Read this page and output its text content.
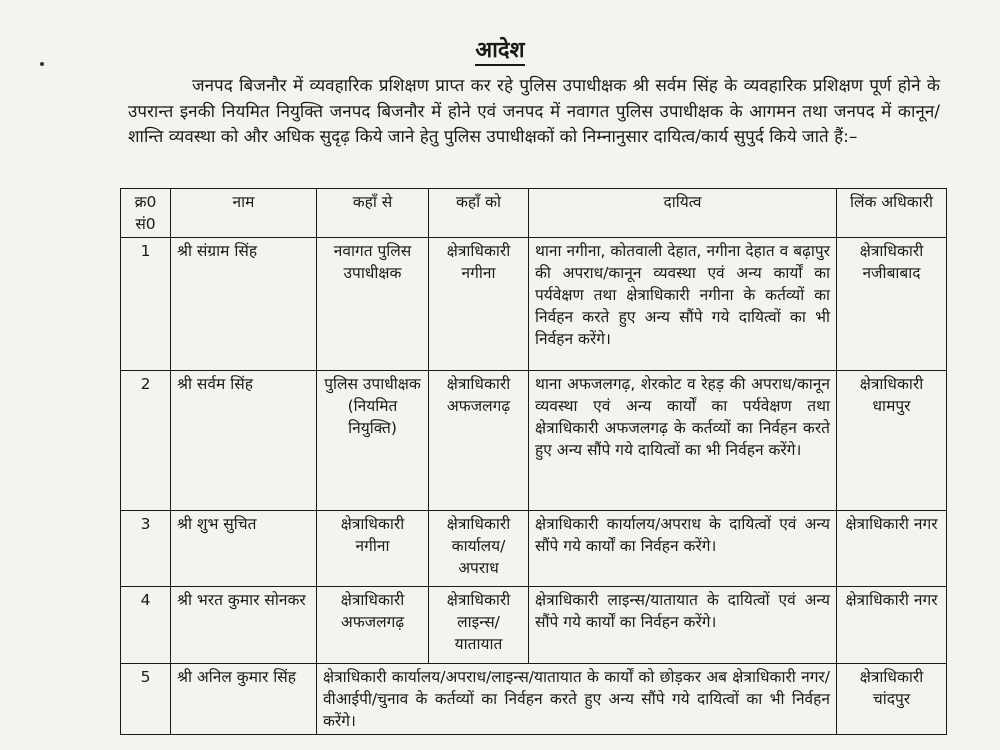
आदेश
जनपद बिजनौर में व्यवहारिक प्रशिक्षण प्राप्त कर रहे पुलिस उपाधीक्षक श्री सर्वम सिंह के व्यवहारिक प्रशिक्षण पूर्ण होने के उपरान्त इनकी नियमित नियुक्ति जनपद बिजनौर में होने एवं जनपद में नवागत पुलिस उपाधीक्षक के आगमन तथा जनपद में कानून/शान्ति व्यवस्था को और अधिक सुदृढ़ किये जाने हेतु पुलिस उपाधीक्षकों को निम्नानुसार दायित्व/कार्य सुपुर्द किये जाते हैं:–
क्र0 सं0	नाम	कहाँ से	कहाँ को	दायित्व	लिंक अधिकारी
1	श्री संग्राम सिंह	नवागत पुलिस उपाधीक्षक	क्षेत्राधिकारी नगीना	थाना नगीना, कोतवाली देहात, नगीना देहात व बढ़ापुर की अपराध/कानून व्यवस्था एवं अन्य कार्यों का पर्यवेक्षण तथा क्षेत्राधिकारी नगीना के कर्तव्यों का निर्वहन करते हुए अन्य सौंपे गये दायित्वों का भी निर्वहन करेंगे।	क्षेत्राधिकारी नजीबाबाद
2	श्री सर्वम सिंह	पुलिस उपाधीक्षक (नियमित नियुक्ति)	क्षेत्राधिकारी अफजलगढ़	थाना अफजलगढ़, शेरकोट व रेहड़ की अपराध/कानून व्यवस्था एवं अन्य कार्यों का पर्यवेक्षण तथा क्षेत्राधिकारी अफजलगढ़ के कर्तव्यों का निर्वहन करते हुए अन्य सौंपे गये दायित्वों का भी निर्वहन करेंगे।	क्षेत्राधिकारी धामपुर
3	श्री शुभ सुचित	क्षेत्राधिकारी नगीना	क्षेत्राधिकारी कार्यालय/ अपराध	क्षेत्राधिकारी कार्यालय/अपराध के दायित्वों एवं अन्य सौंपे गये कार्यों का निर्वहन करेंगे।	क्षेत्राधिकारी नगर
4	श्री भरत कुमार सोनकर	क्षेत्राधिकारी अफजलगढ़	क्षेत्राधिकारी लाइन्स/ यातायात	क्षेत्राधिकारी लाइन्स/यातायात के दायित्वों एवं अन्य सौंपे गये कार्यों का निर्वहन करेंगे।	क्षेत्राधिकारी नगर
5	श्री अनिल कुमार सिंह	क्षेत्राधिकारी कार्यालय/अपराध/लाइन्स/यातायात के कार्यों को छोड़कर अब क्षेत्राधिकारी नगर/वीआईपी/चुनाव के कर्तव्यों का निर्वहन करते हुए अन्य सौंपे गये दायित्वों का भी निर्वहन करेंगे।			क्षेत्राधिकारी चांदपुर
